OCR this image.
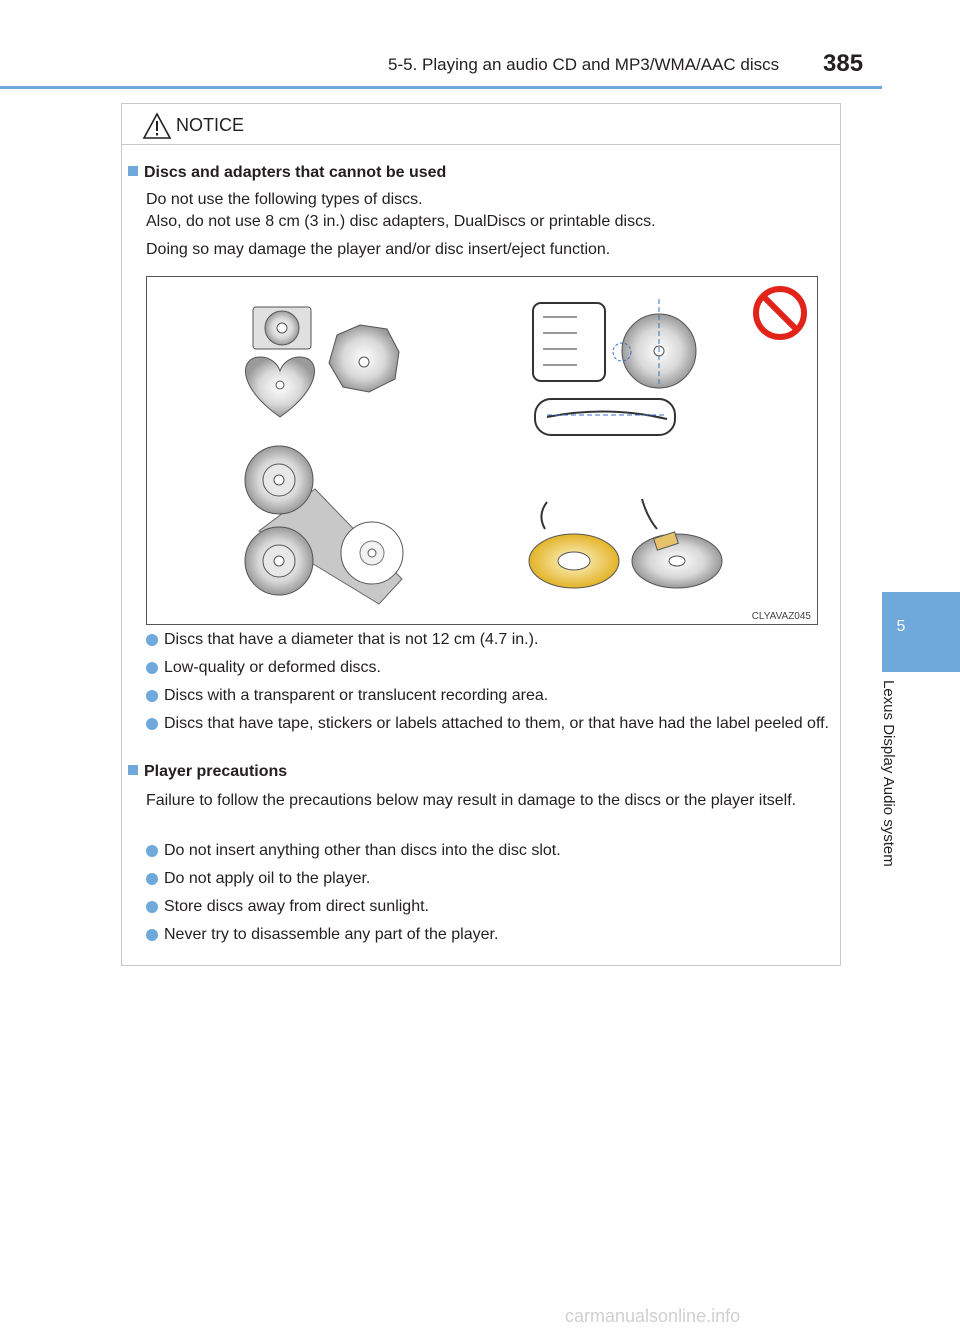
5-5. Playing an audio CD and MP3/WMA/AAC discs 385
5
Lexus Display Audio system
NOTICE
Discs and adapters that cannot be used
Do not use the following types of discs.
Also, do not use 8 cm (3 in.) disc adapters, DualDiscs or printable discs.
Doing so may damage the player and/or disc insert/eject function.
CLYAVAZ045
Discs that have a diameter that is not 12 cm (4.7 in.).
Low-quality or deformed discs.
Discs with a transparent or translucent recording area.
Discs that have tape, stickers or labels attached to them, or that have had the label peeled off.
Player precautions
Failure to follow the precautions below may result in damage to the discs or the player itself.
Do not insert anything other than discs into the disc slot.
Do not apply oil to the player.
Store discs away from direct sunlight.
Never try to disassemble any part of the player.
carmanualsonline.info
